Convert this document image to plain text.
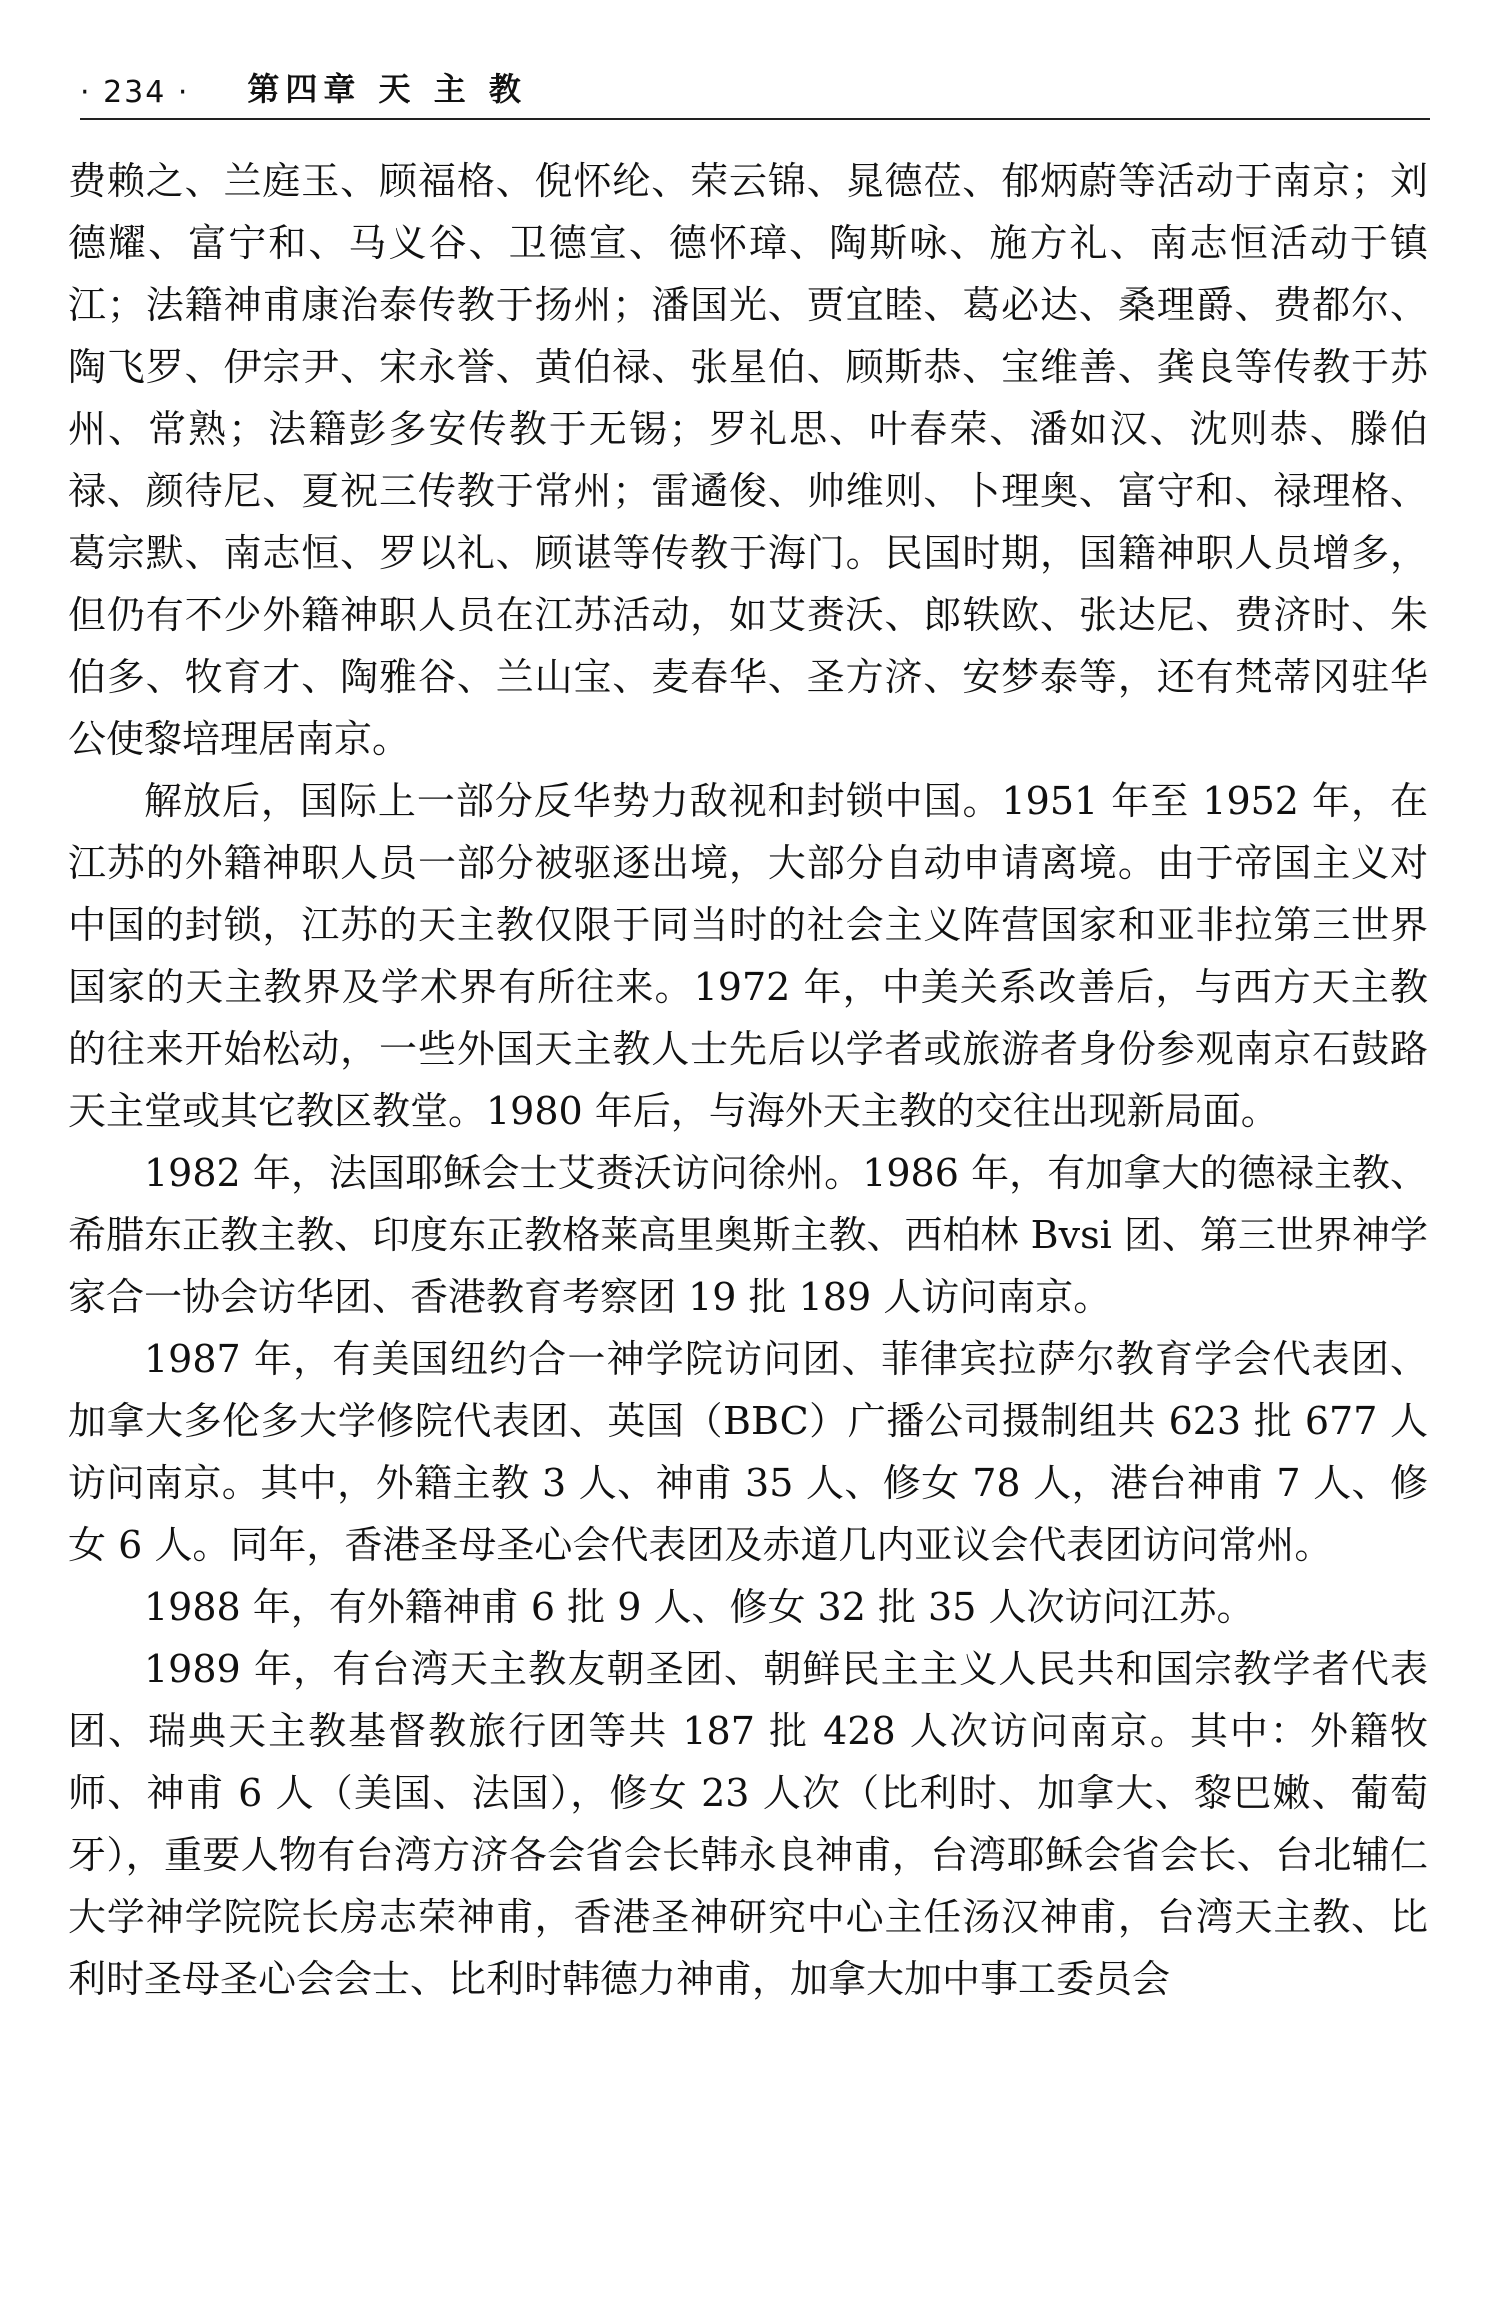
· 234 · 第四章 天 主 教

费赖之、兰庭玉、顾福格、倪怀纶、荣云锦、晁德莅、郁炳蔚等活动于南京；刘德耀、富宁和、马义谷、卫德宣、德怀璋、陶斯咏、施方礼、南志恒活动于镇江；法籍神甫康治泰传教于扬州；潘国光、贾宜睦、葛必达、桑理爵、费都尔、陶飞罗、伊宗尹、宋永誉、黄伯禄、张星伯、顾斯恭、宝维善、龚良等传教于苏州、常熟；法籍彭多安传教于无锡；罗礼思、叶春荣、潘如汉、沈则恭、滕伯禄、颜待尼、夏祝三传教于常州；雷遹俊、帅维则、卜理奥、富守和、禄理格、葛宗默、南志恒、罗以礼、顾谌等传教于海门。民国时期，国籍神职人员增多，但仍有不少外籍神职人员在江苏活动，如艾赉沃、郎轶欧、张达尼、费济时、朱伯多、牧育才、陶雅谷、兰山宝、麦春华、圣方济、安梦泰等，还有梵蒂冈驻华公使黎培理居南京。

解放后，国际上一部分反华势力敌视和封锁中国。1951 年至 1952 年，在江苏的外籍神职人员一部分被驱逐出境，大部分自动申请离境。由于帝国主义对中国的封锁，江苏的天主教仅限于同当时的社会主义阵营国家和亚非拉第三世界国家的天主教界及学术界有所往来。1972 年，中美关系改善后，与西方天主教的往来开始松动，一些外国天主教人士先后以学者或旅游者身份参观南京石鼓路天主堂或其它教区教堂。1980 年后，与海外天主教的交往出现新局面。

1982 年，法国耶稣会士艾赉沃访问徐州。1986 年，有加拿大的德禄主教、希腊东正教主教、印度东正教格莱高里奥斯主教、西柏林 Bvsi 团、第三世界神学家合一协会访华团、香港教育考察团 19 批 189 人访问南京。

1987 年，有美国纽约合一神学院访问团、菲律宾拉萨尔教育学会代表团、加拿大多伦多大学修院代表团、英国（BBC）广播公司摄制组共 623 批 677 人访问南京。其中，外籍主教 3 人、神甫 35 人、修女 78 人，港台神甫 7 人、修女 6 人。同年，香港圣母圣心会代表团及赤道几内亚议会代表团访问常州。

1988 年，有外籍神甫 6 批 9 人、修女 32 批 35 人次访问江苏。

1989 年，有台湾天主教友朝圣团、朝鲜民主主义人民共和国宗教学者代表团、瑞典天主教基督教旅行团等共 187 批 428 人次访问南京。其中：外籍牧师、神甫 6 人（美国、法国），修女 23 人次（比利时、加拿大、黎巴嫩、葡萄牙），重要人物有台湾方济各会省会长韩永良神甫，台湾耶稣会省会长、台北辅仁大学神学院院长房志荣神甫，香港圣神研究中心主任汤汉神甫，台湾天主教、比利时圣母圣心会会士、比利时韩德力神甫，加拿大加中事工委员会
